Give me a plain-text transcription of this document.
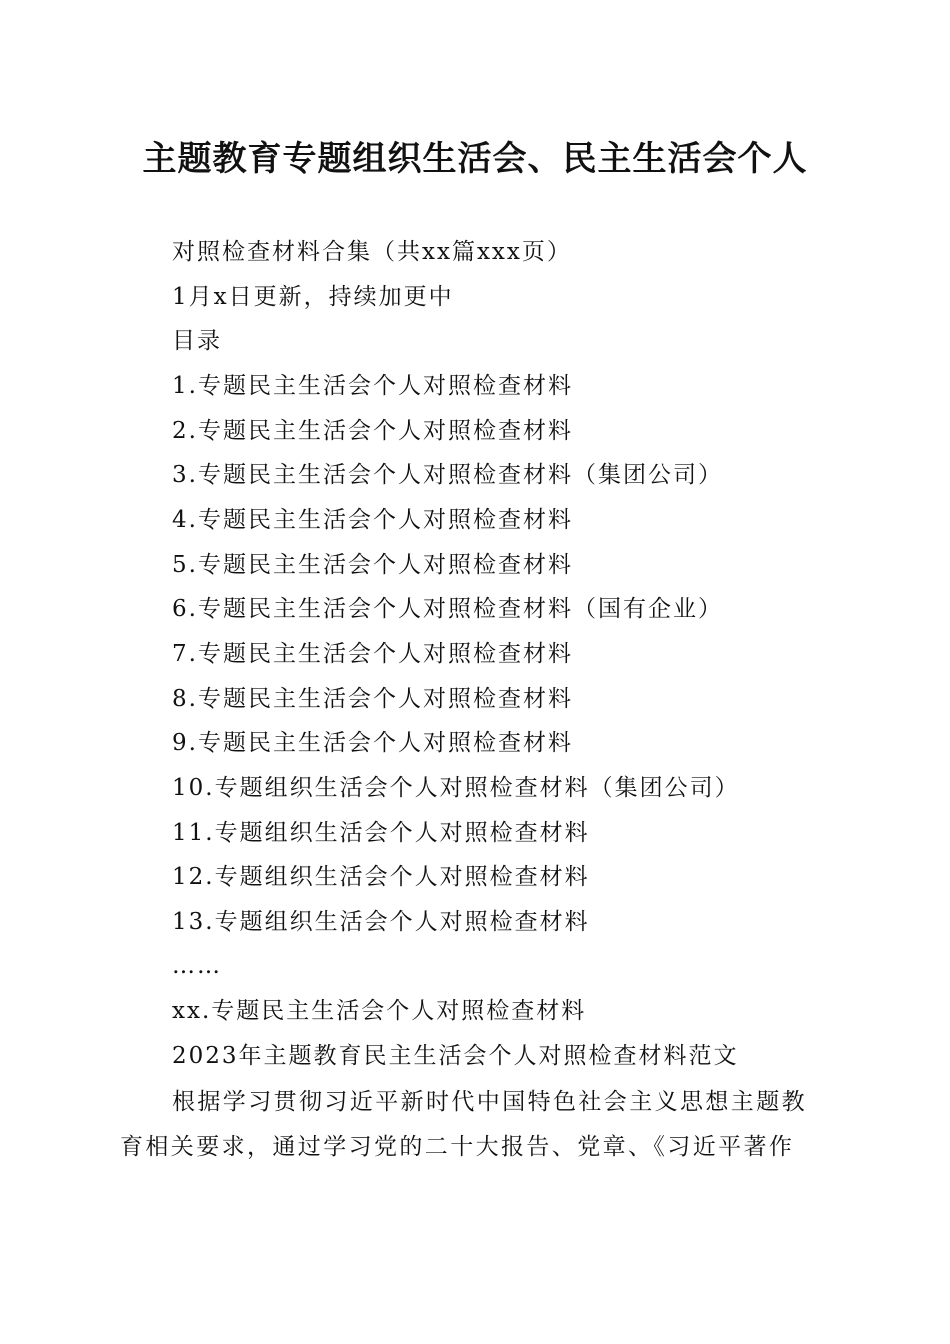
主题教育专题组织生活会、民主生活会个人
对照检查材料合集（共xx篇xxx页）
1月x日更新，持续加更中
目录
1.专题民主生活会个人对照检查材料
2.专题民主生活会个人对照检查材料
3.专题民主生活会个人对照检查材料（集团公司）
4.专题民主生活会个人对照检查材料
5.专题民主生活会个人对照检查材料
6.专题民主生活会个人对照检查材料（国有企业）
7.专题民主生活会个人对照检查材料
8.专题民主生活会个人对照检查材料
9.专题民主生活会个人对照检查材料
10.专题组织生活会个人对照检查材料（集团公司）
11.专题组织生活会个人对照检查材料
12.专题组织生活会个人对照检查材料
13.专题组织生活会个人对照检查材料
……
xx.专题民主生活会个人对照检查材料
2023年主题教育民主生活会个人对照检查材料范文
根据学习贯彻习近平新时代中国特色社会主义思想主题教育相关要求，通过学习党的二十大报告、党章、《习近平著作
